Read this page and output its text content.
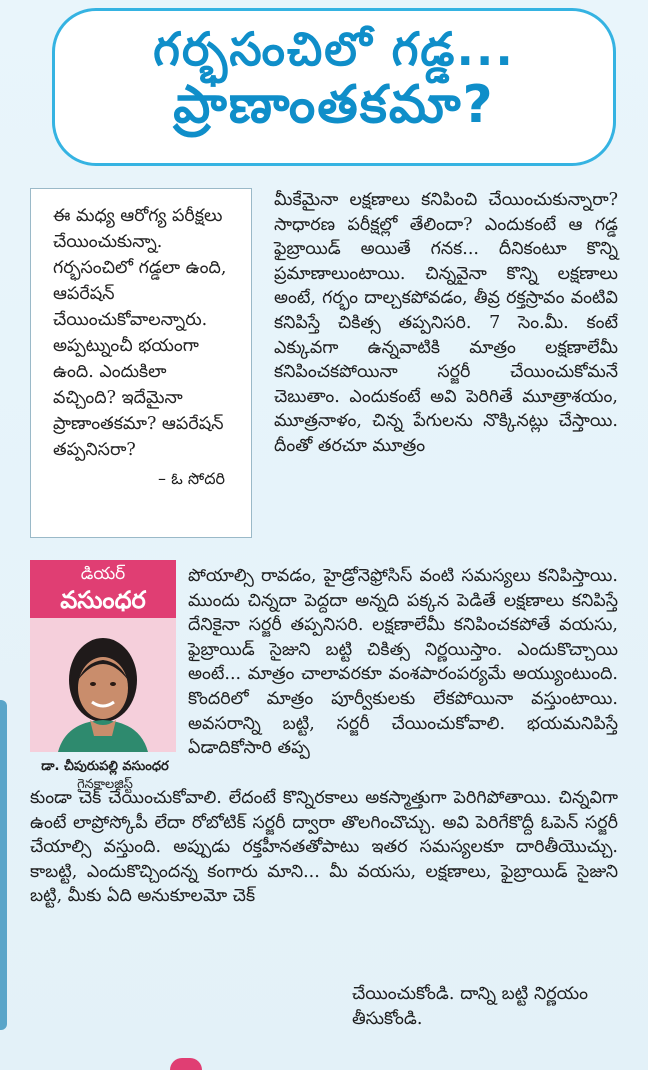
గర్భసంచిలో గడ్డ...
ప్రాణాంతకమా?

ఈ మధ్య ఆరోగ్య పరీక్షలు చేయించుకున్నా. గర్భసంచిలో గడ్డలా ఉంది, ఆపరేషన్ చేయించుకోవాలన్నారు. అప్పట్నుంచీ భయంగా ఉంది. ఎందుకిలా వచ్చింది? ఇదేమైనా ప్రాణాంతకమా? ఆపరేషన్ తప్పనిసరా?

– ఓ సోదరి

మీకేమైనా లక్షణాలు కనిపించి చేయించుకున్నారా? సాధారణ పరీక్షల్లో తేలిందా? ఎందుకంటే ఆ గడ్డ ఫైబ్రాయిడ్ అయితే గనక... దీనికంటూ కొన్ని ప్రమాణాలుంటాయి. చిన్నవైనా కొన్ని లక్షణాలు అంటే, గర్భం దాల్చకపోవడం, తీవ్ర రక్తస్రావం వంటివి కనిపిస్తే చికిత్స తప్పనిసరి. 7 సెం.మీ. కంటే ఎక్కువగా ఉన్నవాటికి మాత్రం లక్షణాలేమీ కనిపించకపోయినా సర్జరీ చేయించుకోమనే చెబుతాం. ఎందుకంటే అవి పెరిగితే మూత్రాశయం, మూత్రనాళం, చిన్న పేగులను నొక్కినట్లు చేస్తాయి. దీంతో తరచూ మూత్రం

డియర్
వసుంధర
డా. చీపురుపల్లి వసుంధర
గైనకాలజిస్ట్

పోయాల్సి రావడం, హైడ్రోనెఫ్రోసిస్ వంటి సమస్యలు కనిపిస్తాయి. ముందు చిన్నదా పెద్దదా అన్నది పక్కన పెడితే లక్షణాలు కనిపిస్తే దేనికైనా సర్జరీ తప్పనిసరి. లక్షణాలేమీ కనిపించకపోతే వయసు, ఫైబ్రాయిడ్ సైజుని బట్టి చికిత్స నిర్ణయిస్తాం. ఎందుకొచ్చాయి అంటే... మాత్రం చాలావరకూ వంశపారంపర్యమే అయ్యుంటుంది. కొందరిలో మాత్రం పూర్వీకులకు లేకపోయినా వస్తుంటాయి. అవసరాన్ని బట్టి, సర్జరీ చేయించుకోవాలి. భయమనిపిస్తే ఏడాదికోసారి తప్ప

కుండా చెక్ చేయించుకోవాలి. లేదంటే కొన్నిరకాలు అకస్మాత్తుగా పెరిగిపోతాయి. చిన్నవిగా ఉంటే లాప్రోస్కోపీ లేదా రోబోటిక్ సర్జరీ ద్వారా తొలగించొచ్చు. అవి పెరిగేకొద్దీ ఓపెన్ సర్జరీ చేయాల్సి వస్తుంది. అప్పుడు రక్తహీనతతోపాటు ఇతర సమస్యలకూ దారితీయొచ్చు. కాబట్టి, ఎందుకొచ్చిందన్న కంగారు మాని... మీ వయసు, లక్షణాలు, ఫైబ్రాయిడ్ సైజుని బట్టి, మీకు ఏది అనుకూలమో చెక్

చేయించుకోండి. దాన్ని బట్టి నిర్ణయం తీసుకోండి.
